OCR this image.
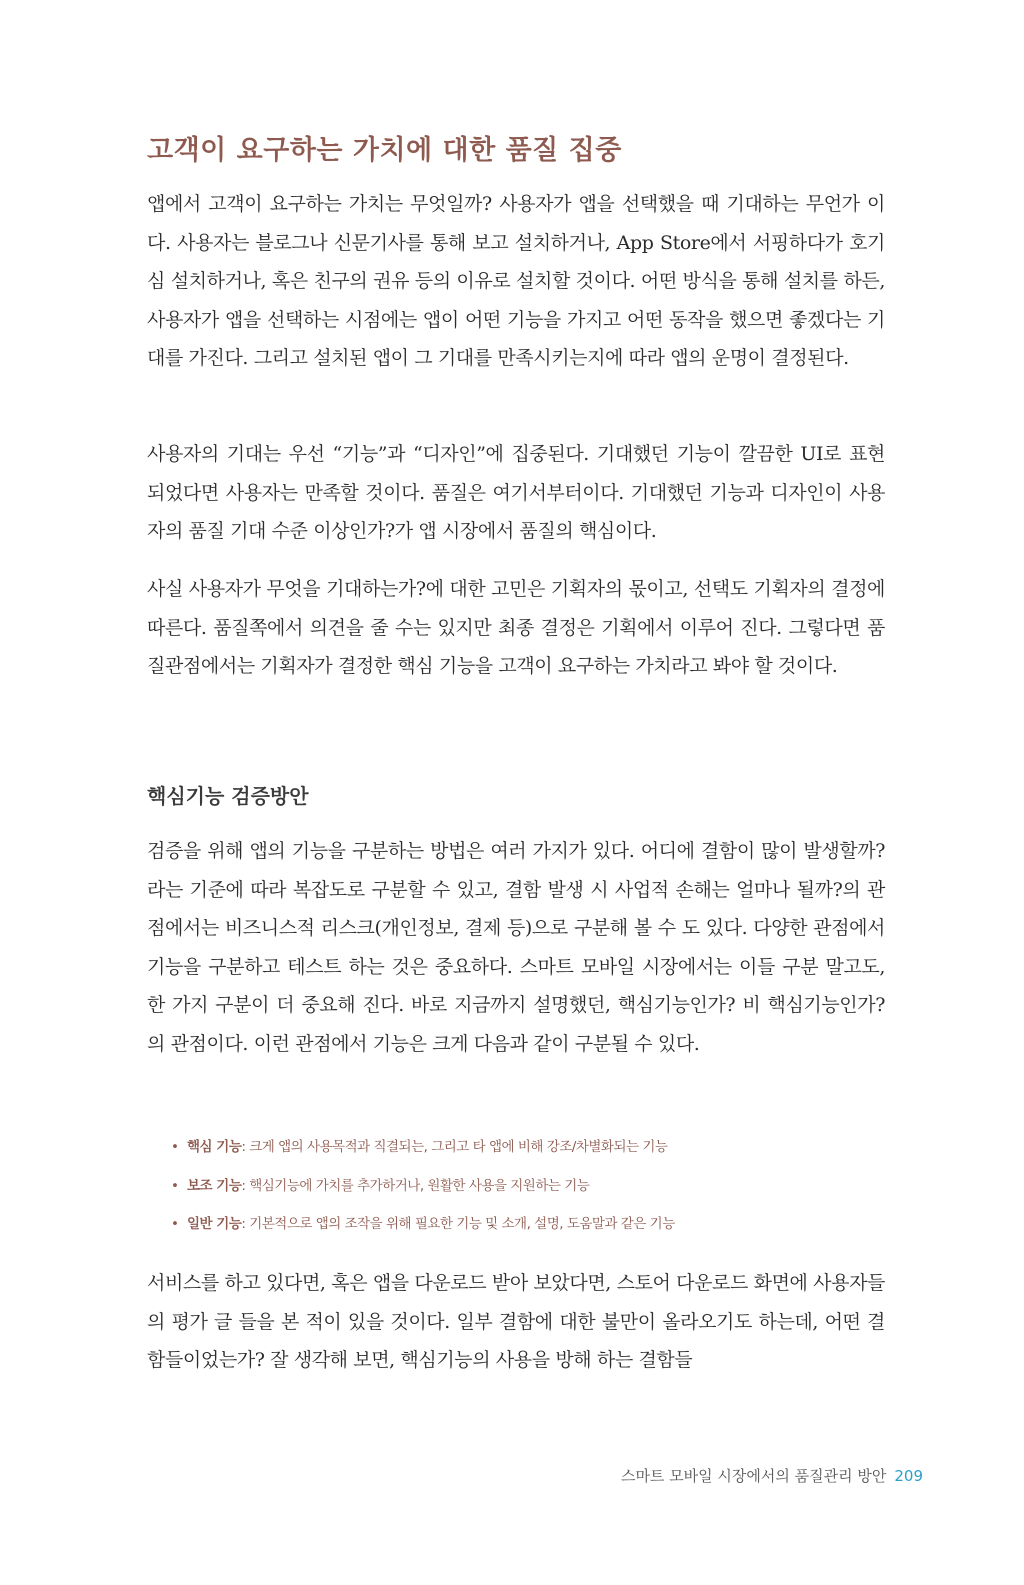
고객이 요구하는 가치에 대한 품질 집중

앱에서 고객이 요구하는 가치는 무엇일까? 사용자가 앱을 선택했을 때 기대하는 무언가 이다. 사용자는 블로그나 신문기사를 통해 보고 설치하거나, App Store에서 서핑하다가 호기심 설치하거나, 혹은 친구의 권유 등의 이유로 설치할 것이다. 어떤 방식을 통해 설치를 하든, 사용자가 앱을 선택하는 시점에는 앱이 어떤 기능을 가지고 어떤 동작을 했으면 좋겠다는 기대를 가진다. 그리고 설치된 앱이 그 기대를 만족시키는지에 따라 앱의 운명이 결정된다.

사용자의 기대는 우선 “기능”과 “디자인”에 집중된다. 기대했던 기능이 깔끔한 UI로 표현 되었다면 사용자는 만족할 것이다. 품질은 여기서부터이다. 기대했던 기능과 디자인이 사용자의 품질 기대 수준 이상인가?가 앱 시장에서 품질의 핵심이다.

사실 사용자가 무엇을 기대하는가?에 대한 고민은 기획자의 몫이고, 선택도 기획자의 결정에 따른다. 품질쪽에서 의견을 줄 수는 있지만 최종 결정은 기획에서 이루어 진다. 그렇다면 품질관점에서는 기획자가 결정한 핵심 기능을 고객이 요구하는 가치라고 봐야 할 것이다.

핵심기능 검증방안

검증을 위해 앱의 기능을 구분하는 방법은 여러 가지가 있다. 어디에 결함이 많이 발생할까?라는 기준에 따라 복잡도로 구분할 수 있고, 결함 발생 시 사업적 손해는 얼마나 될까?의 관점에서는 비즈니스적 리스크(개인정보, 결제 등)으로 구분해 볼 수 도 있다. 다양한 관점에서 기능을 구분하고 테스트 하는 것은 중요하다. 스마트 모바일 시장에서는 이들 구분 말고도, 한 가지 구분이 더 중요해 진다. 바로 지금까지 설명했던, 핵심기능인가? 비 핵심기능인가?의 관점이다. 이런 관점에서 기능은 크게 다음과 같이 구분될 수 있다.

• 핵심 기능: 크게 앱의 사용목적과 직결되는, 그리고 타 앱에 비해 강조/차별화되는 기능
• 보조 기능: 핵심기능에 가치를 추가하거나, 원활한 사용을 지원하는 기능
• 일반 기능: 기본적으로 앱의 조작을 위해 필요한 기능 및 소개, 설명, 도움말과 같은 기능

서비스를 하고 있다면, 혹은 앱을 다운로드 받아 보았다면, 스토어 다운로드 화면에 사용자들의 평가 글 들을 본 적이 있을 것이다. 일부 결함에 대한 불만이 올라오기도 하는데, 어떤 결함들이었는가? 잘 생각해 보면, 핵심기능의 사용을 방해 하는 결함들

스마트 모바일 시장에서의 품질관리 방안 209
